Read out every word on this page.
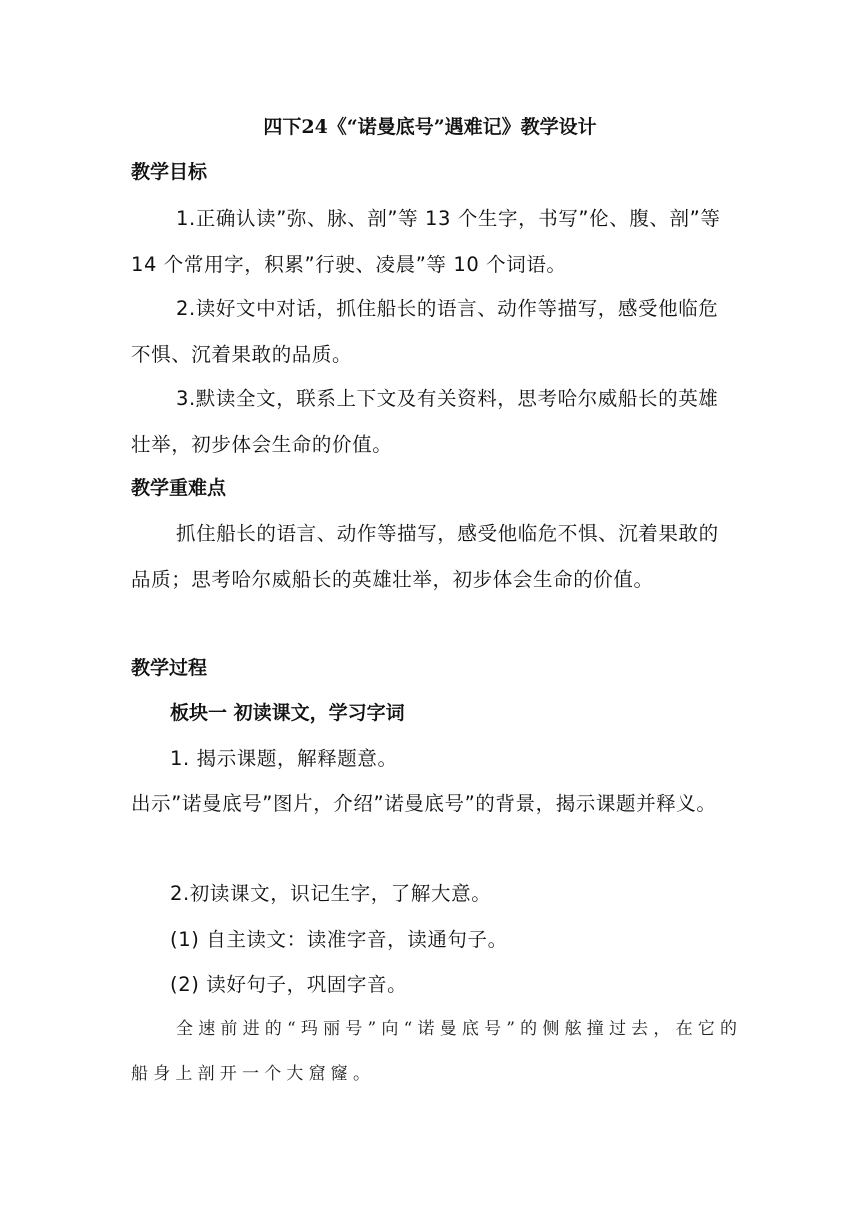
四下24《“诺曼底号”遇难记》教学设计
教学目标

1.正确认读”弥、脉、剖”等 13 个生字，书写”伦、腹、剖”等 14 个常用字，积累”行驶、凌晨”等 10 个词语。

2.读好文中对话，抓住船长的语言、动作等描写，感受他临危不惧、沉着果敢的品质。

3.默读全文，联系上下文及有关资料，思考哈尔威船长的英雄壮举，初步体会生命的价值。

教学重难点

抓住船长的语言、动作等描写，感受他临危不惧、沉着果敢的品质；思考哈尔威船长的英雄壮举，初步体会生命的价值。

教学过程
板块一 初读课文，学习字词
1. 揭示课题，解释题意。

出示”诺曼底号”图片，介绍”诺曼底号”的背景，揭示课题并释义。

2.初读课文，识记生字，了解大意。
(1) 自主读文：读准字音，读通句子。
(2) 读好句子，巩固字音。

全速前进的“玛丽号”向“诺曼底号”的侧舷撞过去，在它的船身上剖开一个大窟窿。
